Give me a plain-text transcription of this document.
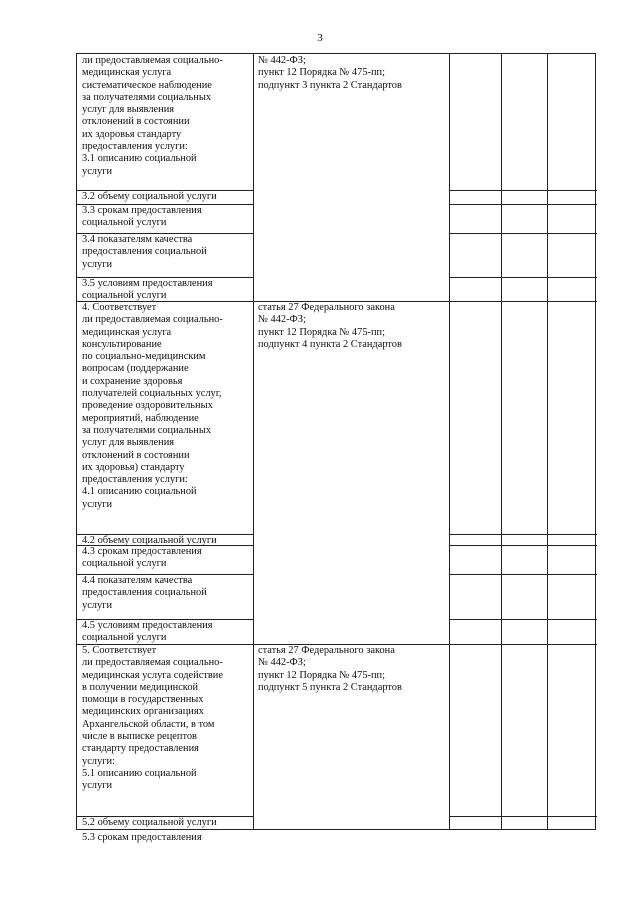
3
ли предоставляемая социально-
медицинская услуга
систематическое наблюдение
за получателями социальных
услуг для выявления
отклонений в состоянии
их здоровья стандарту
предоставления услуги:
3.1 описанию социальной
услуги
№ 442-ФЗ;
пункт 12 Порядка № 475-пп;
подпункт 3 пункта 2 Стандартов
3.2 объему социальной услуги
3.3 срокам предоставления
социальной услуги
3.4 показателям качества
предоставления социальной
услуги
3.5 условиям предоставления
социальной услуги
4. Соответствует
ли предоставляемая социально-
медицинская услуга
консультирование
по социально-медицинским
вопросам (поддержание
и сохранение здоровья
получателей социальных услуг,
проведение оздоровительных
мероприятий, наблюдение
за получателями социальных
услуг для выявления
отклонений в состоянии
их здоровья) стандарту
предоставления услуги:
4.1 описанию социальной
услуги
статья 27 Федерального закона
№ 442-ФЗ;
пункт 12 Порядка № 475-пп;
подпункт 4 пункта 2 Стандартов
4.2 объему социальной услуги
4.3 срокам предоставления
социальной услуги
4.4 показателям качества
предоставления социальной
услуги
4.5 условиям предоставления
социальной услуги
5. Соответствует
ли предоставляемая социально-
медицинская услуга содействие
в получении медицинской
помощи в государственных
медицинских организациях
Архангельской области, в том
числе в выписке рецептов
стандарту предоставления
услуги:
5.1 описанию социальной
услуги
статья 27 Федерального закона
№ 442-ФЗ;
пункт 12 Порядка № 475-пп;
подпункт 5 пункта 2 Стандартов
5.2 объему социальной услуги
5.3 срокам предоставления
